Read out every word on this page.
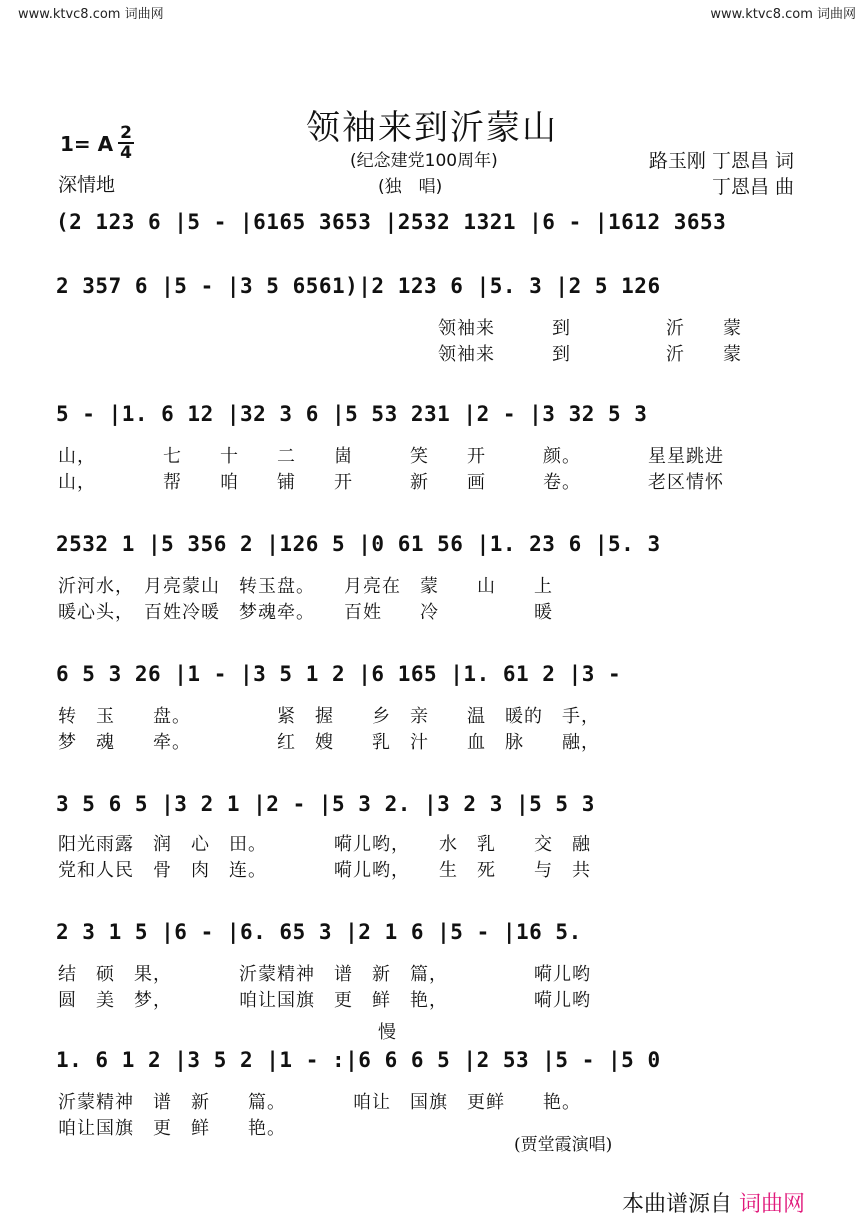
www.ktvc8.com 词曲网	www.ktvc8.com 词曲网
领袖来到沂蒙山
(纪念建党100周年)
(独　唱)
1= A 2
4
深情地
路玉刚 丁恩昌 词
丁恩昌 曲
(2 123 6 |5 - |6165 3653 |2532 1321 |6 - |1612 3653
2 357 6 |5 - |3 5 6561)|2 123 6 |5. 3 |2 5 126
　　　　　　　　　　　　　　　　　　　　领袖来　　　到　　　　　沂　　蒙
　　　　　　　　　　　　　　　　　　　　领袖来　　　到　　　　　沂　　蒙
5 - |1. 6 12 |32 3 6 |5 53 231 |2 - |3 32 5 3
山，　　　　七　　十　　二　　崮　　　笑　　开　　　颜。　　　　星星跳进
山，　　　　帮　　咱　　铺　　开　　　新　　画　　　卷。　　　　老区情怀
2532 1 |5 356 2 |126 5 |0 61 56 |1. 23 6 |5. 3
沂河水，　月亮蒙山　转玉盘。　　月亮在　蒙　　山　　上
暖心头，　百姓冷暖　梦魂牵。　　百姓　　冷　　　　　暖
6 5 3 26 |1 - |3 5 1 2 |6 165 |1. 61 2 |3 -
转　玉　　盘。　　　　　紧　握　　乡　亲　　温　暖的　手，
梦　魂　　牵。　　　　　红　嫂　　乳　汁　　血　脉　　融，
3 5 6 5 |3 2 1 |2 - |5 3 2. |3 2 3 |5 5 3
阳光雨露　润　心　田。　　　　嗬儿哟，　　水　乳　　交　融
党和人民　骨　肉　连。　　　　嗬儿哟，　　生　死　　与　共
2 3 1 5 |6 - |6. 65 3 |2 1 6 |5 - |16 5.
结　硕　果，　　　　沂蒙精神　谱　新　篇，　　　　　嗬儿哟
圆　美　梦，　　　　咱让国旗　更　鲜　艳，　　　　　嗬儿哟
慢
1. 6 1 2 |3 5 2 |1 - :|6 6 6 5 |2 53 |5 - |5 0
沂蒙精神　谱　新　　篇。　　　　咱让　国旗　更鲜　　艳。
咱让国旗　更　鲜　　艳。
(贾堂霞演唱)
本曲谱源自 词曲网
